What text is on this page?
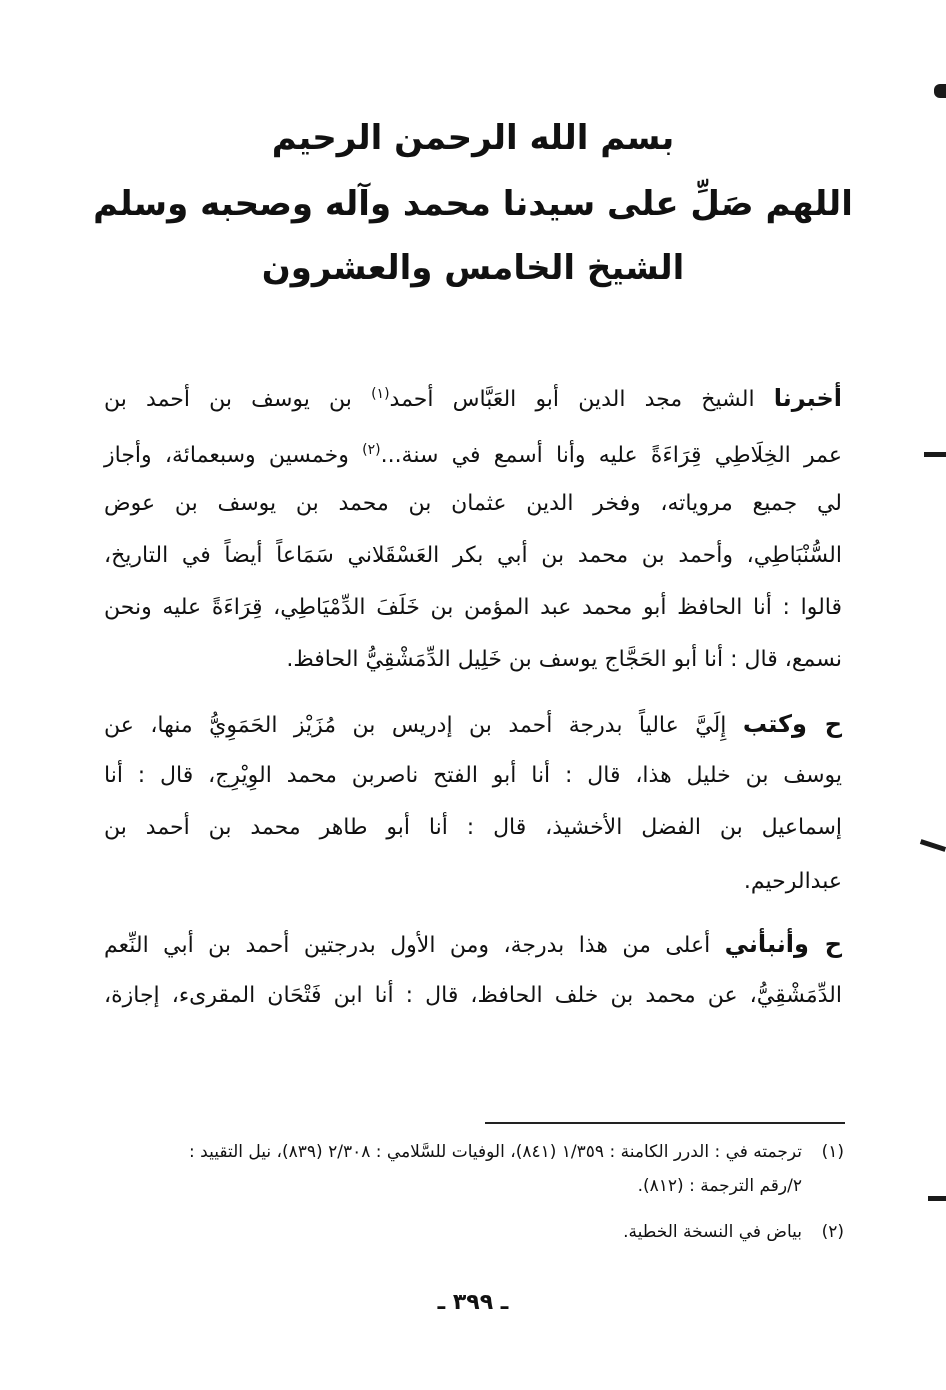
بسم الله الرحمن الرحيم
اللهم صَلِّ على سيدنا محمد وآله وصحبه وسلم
الشيخ الخامس والعشرون
أخبرنا الشيخ مجد الدين أبو العَبَّاس أحمد$^{(١)}$ بن يوسف بن أحمد بن
عمر الخِلَاطِي قِرَاءَةً عليه وأنا أسمع في سنة...$^{(٢)}$ وخمسين وسبعمائة، وأجاز
لي جميع مروياته، وفخر الدين عثمان بن محمد بن يوسف بن عوض
السُّنْبَاطِي، وأحمد بن محمد بن أبي بكر العَسْقَلاني سَمَاعاً أيضاً في التاريخ،
قالوا : أنا الحافظ أبو محمد عبد المؤمن بن خَلَفَ الدِّمْيَاطِي، قِرَاءَةً عليه ونحن
نسمع، قال : أنا أبو الحَجَّاج يوسف بن خَلِيل الدِّمَشْقِيُّ الحافظ.
ح وكتب إِلَيَّ عالياً بدرجة أحمد بن إدريس بن مُزَيْز الحَمَوِيُّ منها، عن
يوسف بن خليل هذا، قال : أنا أبو الفتح ناصربن محمد الوِيْرِج، قال : أنا
إسماعيل بن الفضل الأخشيذ، قال : أنا أبو طاهر محمد بن أحمد بن
عبدالرحيم.
ح وأنبأني أعلى من هذا بدرجة، ومن الأول بدرجتين أحمد بن أبي النِّعم
الدِّمَشْقِيُّ، عن محمد بن خلف الحافظ، قال : أنا ابن فَتْحَان المقرىء، إجازة،
(١)ترجمته في : الدرر الكامنة : ١/٣٥٩ (٨٤١)، الوفيات للسَّلامي : ٢/٣٠٨ (٨٣٩)، نيل التقييد :
٢/رقم الترجمة : (٨١٢).
(٢)بياض في النسخة الخطية.
ـ ٣٩٩ ـ
